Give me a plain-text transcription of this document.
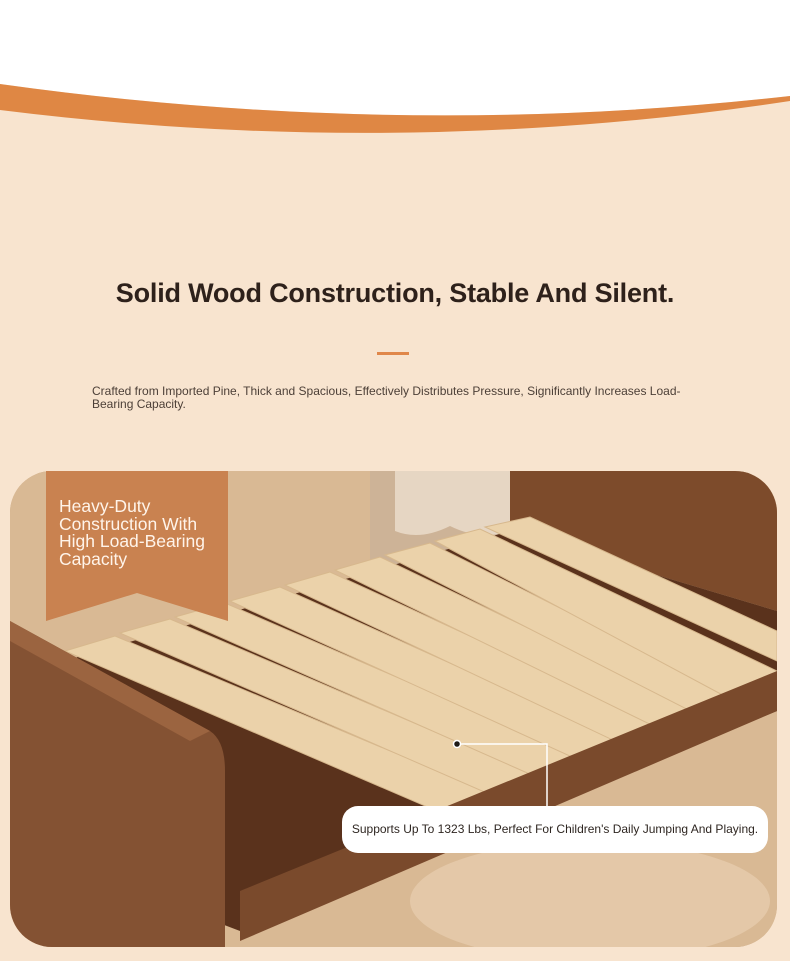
Solid Wood Construction, Stable And Silent.
Crafted from Imported Pine, Thick and Spacious, Effectively Distributes Pressure, Significantly Increases Load-Bearing Capacity.
Heavy-Duty Construction With High Load-Bearing Capacity
Supports Up To 1323 Lbs, Perfect For Children's Daily Jumping And Playing.
